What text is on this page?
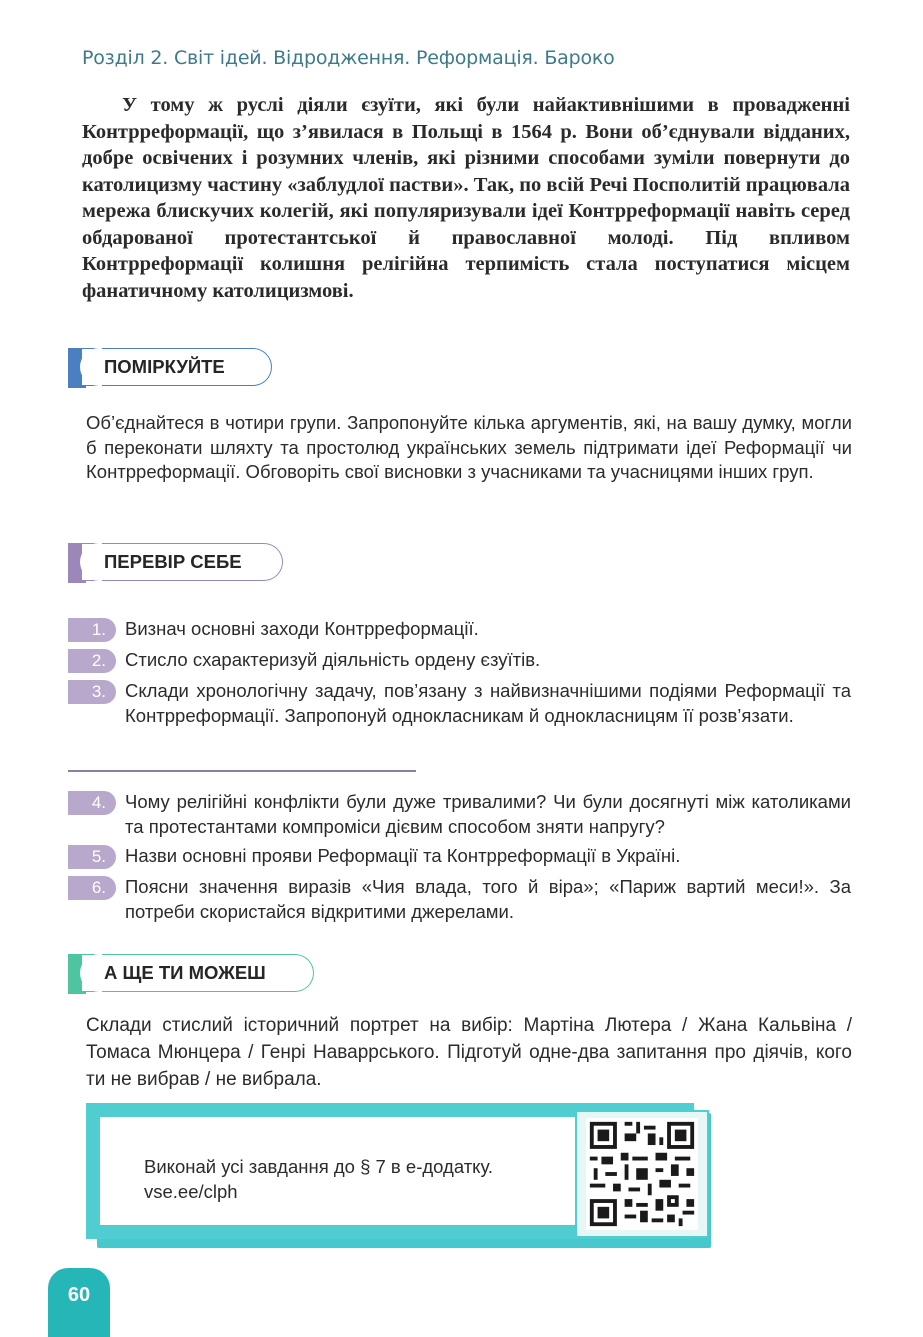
Розділ 2. Світ ідей. Відродження. Реформація. Бароко

У тому ж руслі діяли єзуїти, які були найактивнішими в провадженні Контрреформації, що з’явилася в Польщі в 1564 р. Вони об’єднували відданих, добре освічених і розумних членів, які різними способами зуміли повернути до католицизму частину «заблудлої пастви». Так, по всій Речі Посполитій працювала мережа блискучих колегій, які популяризували ідеї Контрреформації навіть серед обдарованої протестантської й православної молоді. Під впливом Контрреформації колишня релігійна терпимість стала поступатися місцем фанатичному католицизмові.

ПОМІРКУЙТЕ
Об’єднайтеся в чотири групи. Запропонуйте кілька аргументів, які, на вашу думку, могли б переконати шляхту та простолюд українських земель підтримати ідеї Реформації чи Контрреформації. Обговоріть свої висновки з учасниками та учасницями інших груп.
ПЕРЕВІР СЕБЕ
1.	Визнач основні заходи Контрреформації.
2.	Стисло схарактеризуй діяльність ордену єзуїтів.
3.	Склади хронологічну задачу, пов’язану з найвизначнішими подіями Реформації та Контрреформації. Запропонуй однокласникам й однокласницям її розв’язати.
4.	Чому релігійні конфлікти були дуже тривалими? Чи були досягнуті між католиками та протестантами компроміси дієвим способом зняти напругу?
5.	Назви основні прояви Реформації та Контрреформації в Україні.
6.	Поясни значення виразів «Чия влада, того й віра»; «Париж вартий меси!». За потреби скористайся відкритими джерелами.
А ЩЕ ТИ МОЖЕШ
Склади стислий історичний портрет на вибір: Мартіна Лютера / Жана Кальвіна / Томаса Мюнцера / Генрі Наваррського. Підготуй одне-два запитання про діячів, кого ти не вибрав / не вибрала.
Виконай усі завдання до § 7 в е-додатку.
vse.ee/clph
60
